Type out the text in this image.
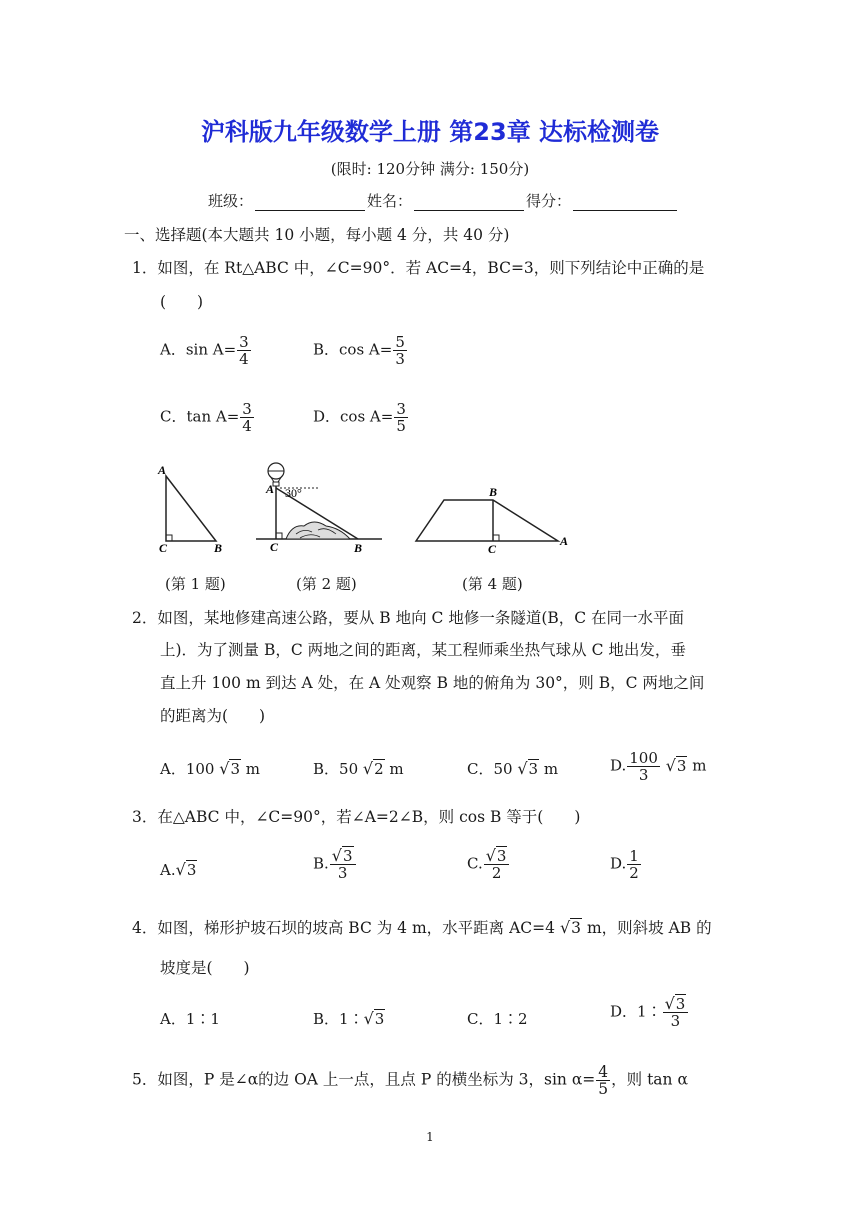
沪科版九年级数学上册 第23章 达标检测卷
(限时: 120分钟 满分: 150分)
班级：	姓名：	得分：
一、选择题(本大题共 10 小题，每小题 4 分，共 40 分)
1．如图，在 Rt△ABC 中，∠C=90°．若 AC=4，BC=3，则下列结论中正确的是
(　　)
A．$\sin A= \frac{3}{4}$	B．$\cos A= \frac{5}{3}$
C．$\tan A= \frac{3}{4}$	D．$\cos A= \frac{3}{5}$
A
C	B
A 30°
C	B
B
C
A
(第 1 题)	(第 2 题)	(第 4 题)
2．如图，某地修建高速公路，要从 B 地向 C 地修一条隧道(B，C 在同一水平面
上)．为了测量 B，C 两地之间的距离，某工程师乘坐热气球从 C 地出发，垂
直上升 100 m 到达 A 处，在 A 处观察 B 地的俯角为 30°，则 B，C 两地之间
的距离为(　　)
A．100 √3 m	B．50 √2 m	C．50 √3 m	D. $\frac{100}{3} √3$ m
3．在△ABC 中，∠C=90°，若∠A=2∠B，则 cos B 等于(　　)
A.√3	B. $\frac{√3}{3}$	C. $\frac{√3}{2}$	D. $\frac{1}{2}$
4．如图，梯形护坡石坝的坡高 BC 为 4 m，水平距离 AC=4 √3 m，则斜坡 AB 的
坡度是(　　)
A．1∶1	B．1∶√3	C．1∶2	D．1∶ $\frac{√3}{3}$
5．如图，P 是∠α的边 OA 上一点，且点 P 的横坐标为 3，$\sin \alpha= \frac{4}{5}$ ，则 tan α
1
